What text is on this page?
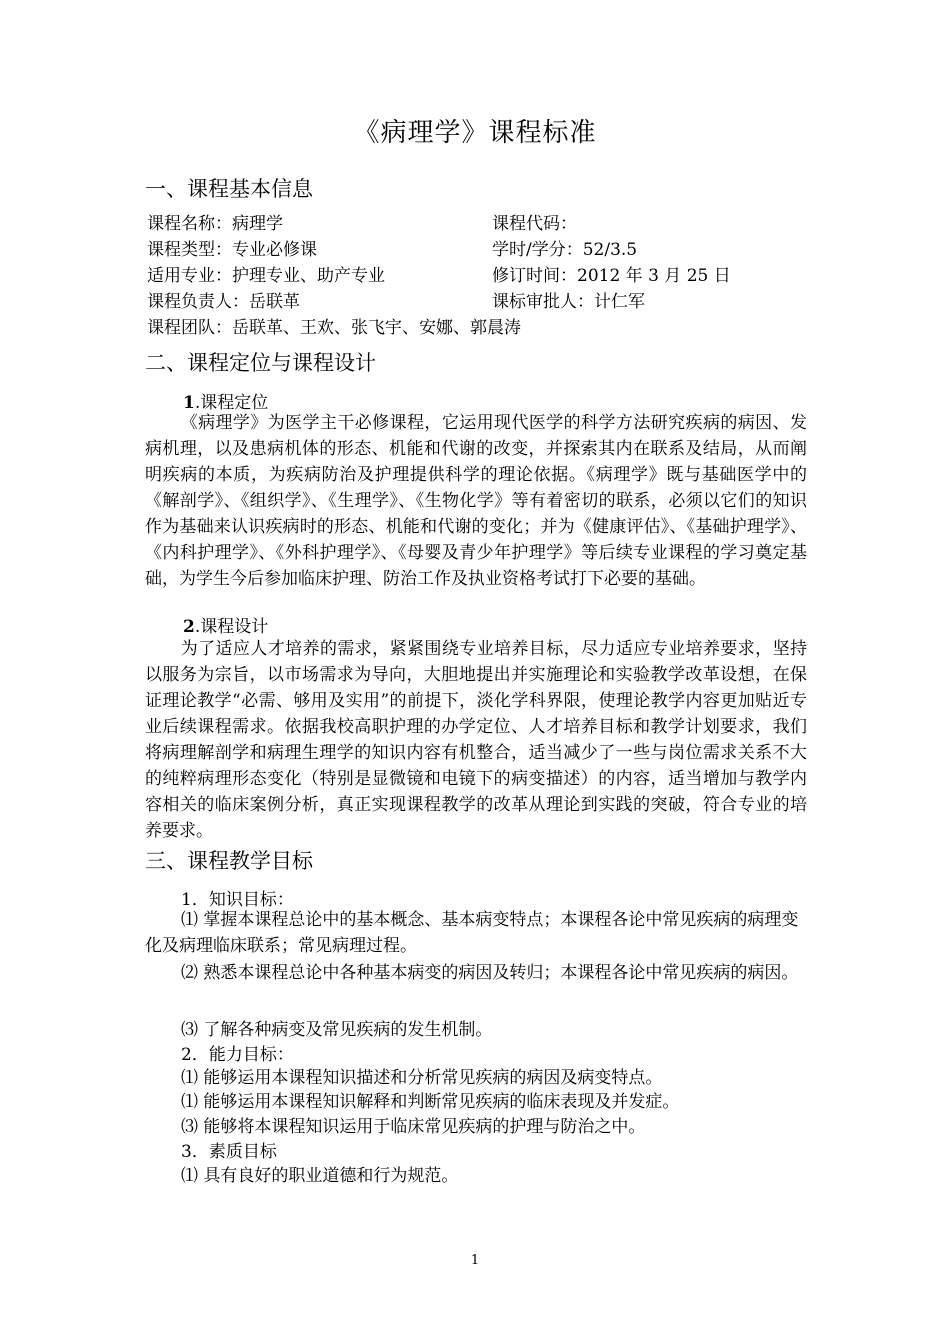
《病理学》课程标准
一、课程基本信息
课程名称：病理学	课程代码：
课程类型：专业必修课	学时/学分：52/3.5
适用专业：护理专业、助产专业	修订时间：2012 年 3 月 25 日
课程负责人：岳联革	课标审批人：计仁军
课程团队：岳联革、王欢、张飞宇、安娜、郭晨涛
二、课程定位与课程设计
1.课程定位

《病理学》为医学主干必修课程，它运用现代医学的科学方法研究疾病的病因、发病机理，以及患病机体的形态、机能和代谢的改变，并探索其内在联系及结局，从而阐明疾病的本质，为疾病防治及护理提供科学的理论依据。《病理学》既与基础医学中的《解剖学》、《组织学》、《生理学》、《生物化学》等有着密切的联系，必须以它们的知识作为基础来认识疾病时的形态、机能和代谢的变化；并为《健康评估》、《基础护理学》、《内科护理学》、《外科护理学》、《母婴及青少年护理学》等后续专业课程的学习奠定基础，为学生今后参加临床护理、防治工作及执业资格考试打下必要的基础。

2.课程设计

为了适应人才培养的需求，紧紧围绕专业培养目标，尽力适应专业培养要求，坚持以服务为宗旨，以市场需求为导向，大胆地提出并实施理论和实验教学改革设想，在保证理论教学“必需、够用及实用”的前提下，淡化学科界限，使理论教学内容更加贴近专业后续课程需求。依据我校高职护理的办学定位、人才培养目标和教学计划要求，我们将病理解剖学和病理生理学的知识内容有机整合，适当减少了一些与岗位需求关系不大的纯粹病理形态变化（特别是显微镜和电镜下的病变描述）的内容，适当增加与教学内容相关的临床案例分析，真正实现课程教学的改革从理论到实践的突破，符合专业的培养要求。

三、课程教学目标
1．知识目标：

⑴ 掌握本课程总论中的基本概念、基本病变特点；本课程各论中常见疾病的病理变化及病理临床联系；常见病理过程。

⑵ 熟悉本课程总论中各种基本病变的病因及转归；本课程各论中常见疾病的病因。

⑶ 了解各种病变及常见疾病的发生机制。
2．能力目标：
⑴ 能够运用本课程知识描述和分析常见疾病的病因及病变特点。
⑴ 能够运用本课程知识解释和判断常见疾病的临床表现及并发症。
⑶ 能够将本课程知识运用于临床常见疾病的护理与防治之中。
3．素质目标
⑴ 具有良好的职业道德和行为规范。
1
